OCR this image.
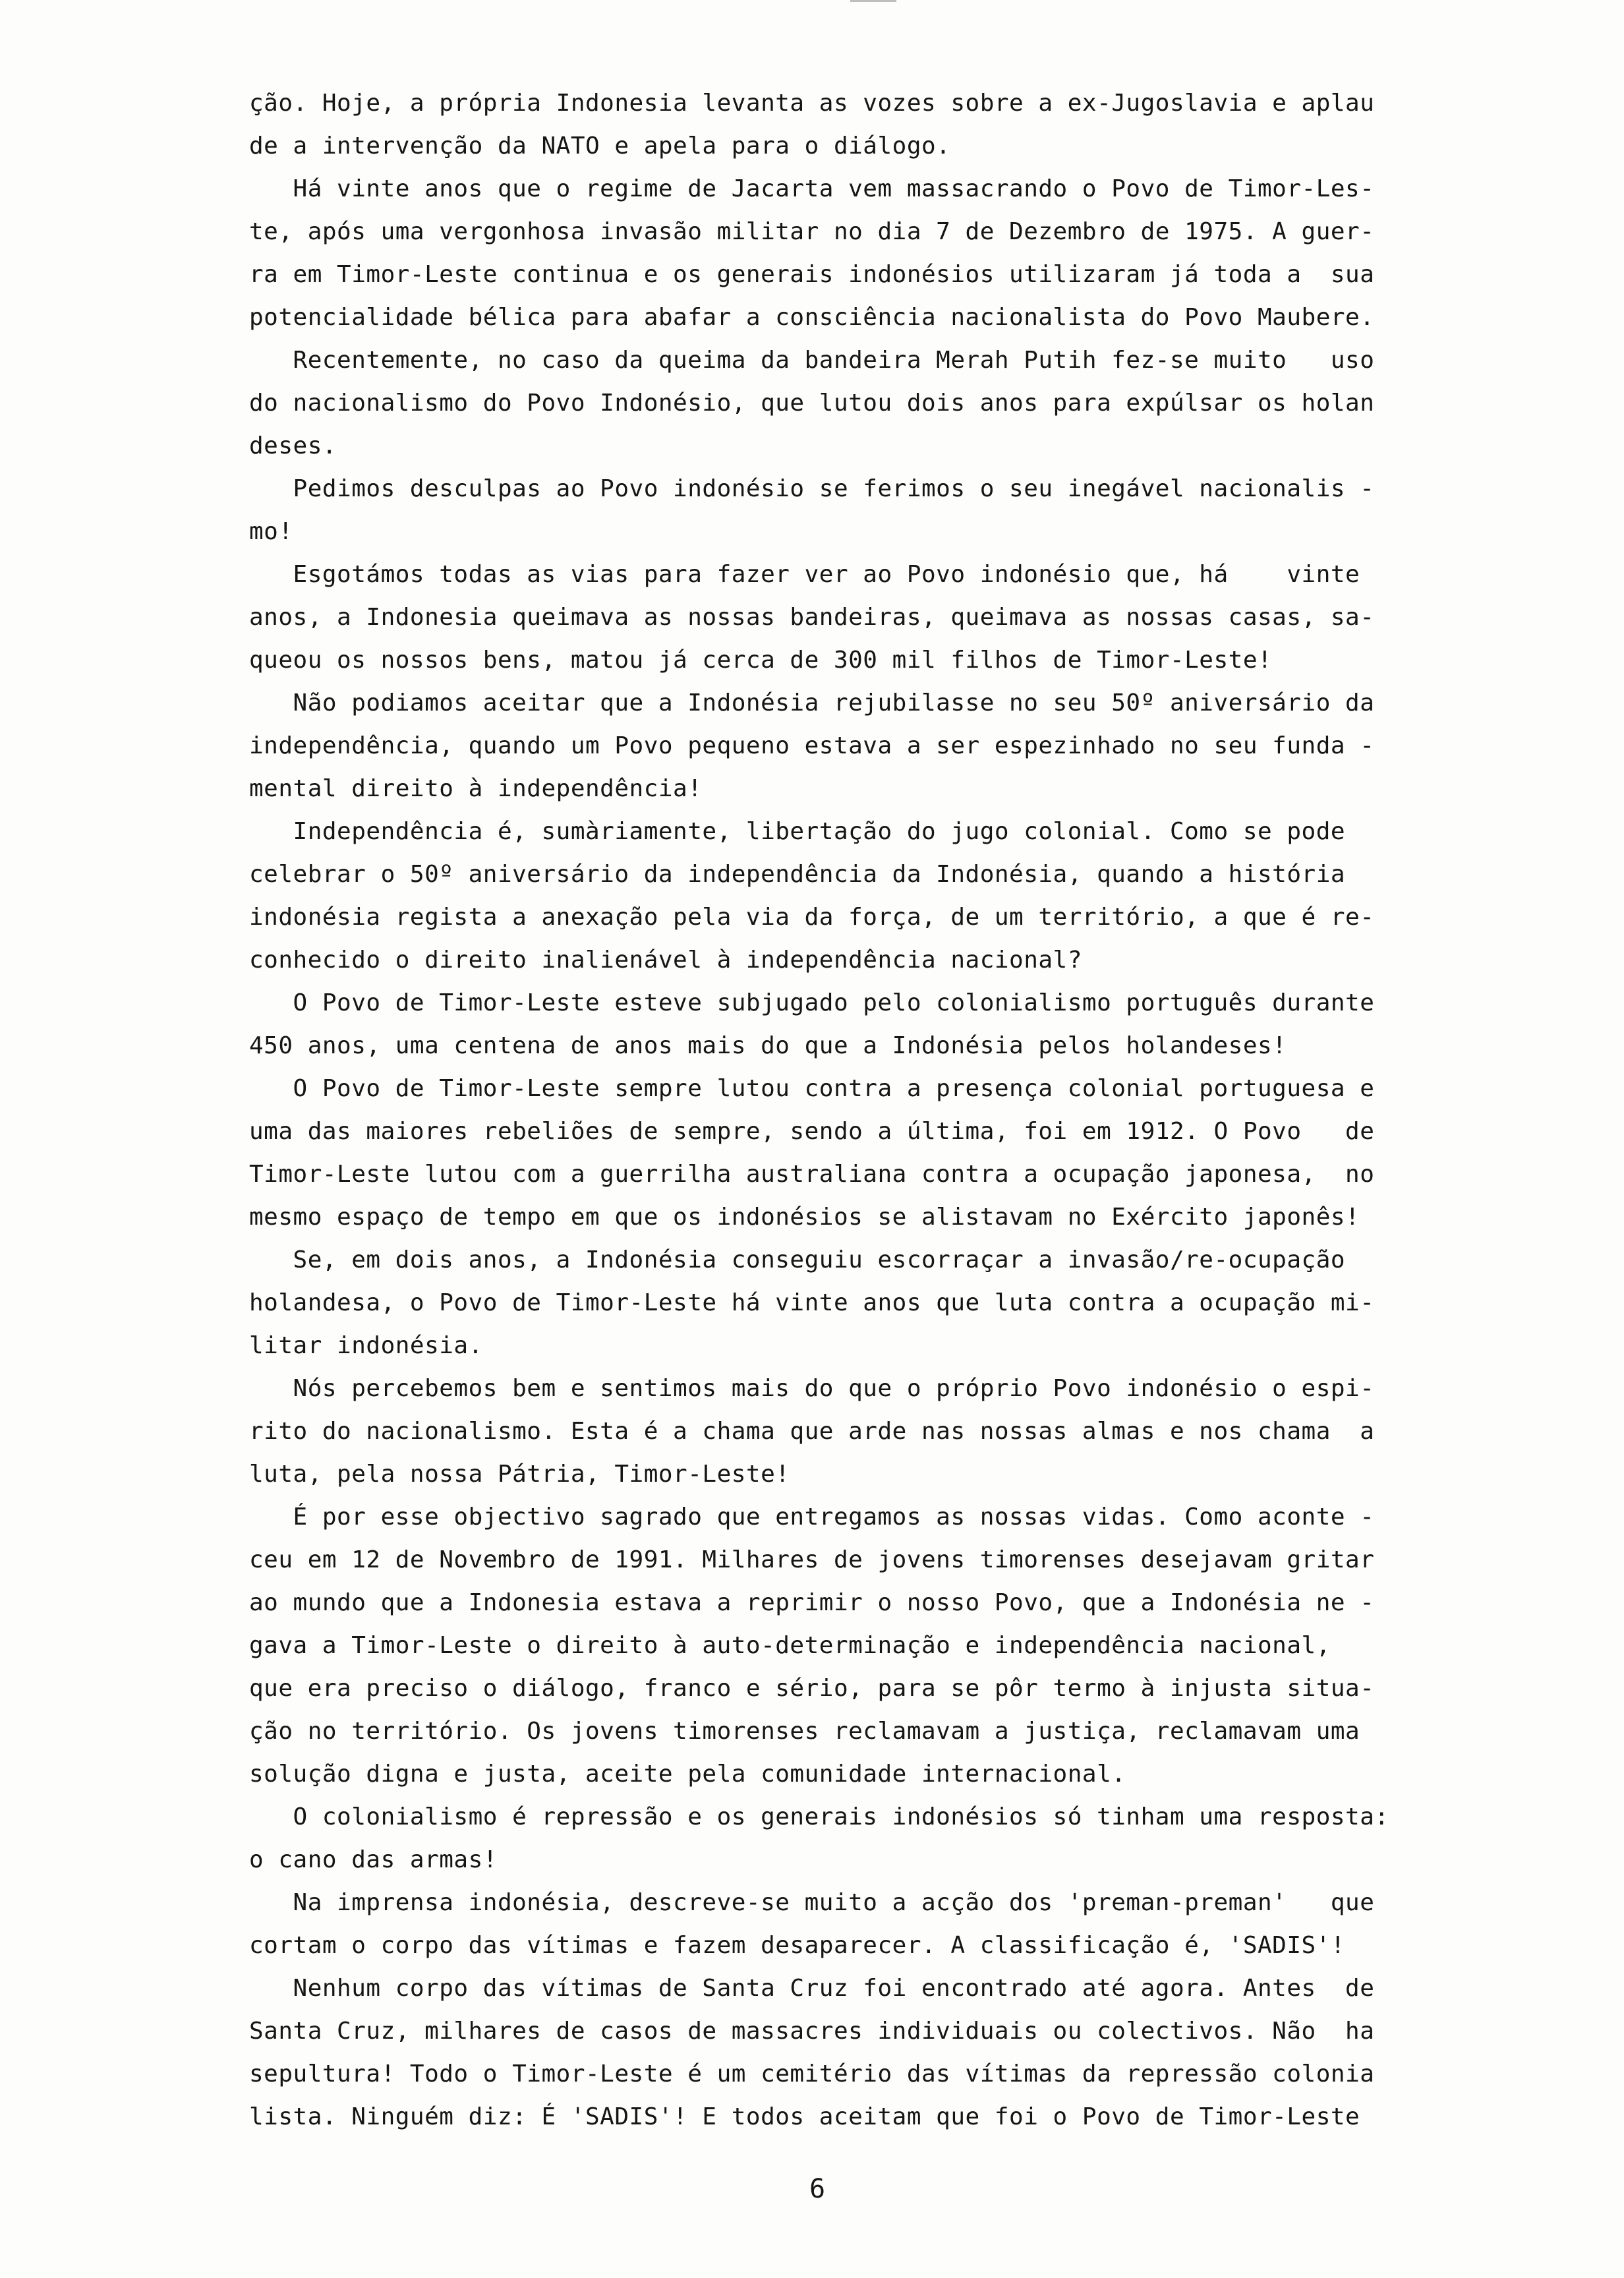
ção. Hoje, a própria Indonesia levanta as vozes sobre a ex-Jugoslavia e aplau
de a intervenção da NATO e apela para o diálogo.
Há vinte anos que o regime de Jacarta vem massacrando o Povo de Timor-Les-
te, após uma vergonhosa invasão militar no dia 7 de Dezembro de 1975. A guer-
ra em Timor-Leste continua e os generais indonésios utilizaram já toda a  sua
potencialidade bélica para abafar a consciência nacionalista do Povo Maubere.
Recentemente, no caso da queima da bandeira Merah Putih fez-se muito   uso
do nacionalismo do Povo Indonésio, que lutou dois anos para expúlsar os holan
deses.
Pedimos desculpas ao Povo indonésio se ferimos o seu inegável nacionalis -
mo!
Esgotámos todas as vias para fazer ver ao Povo indonésio que, há    vinte
anos, a Indonesia queimava as nossas bandeiras, queimava as nossas casas, sa-
queou os nossos bens, matou já cerca de 300 mil filhos de Timor-Leste!
Não podiamos aceitar que a Indonésia rejubilasse no seu 50º aniversário da
independência, quando um Povo pequeno estava a ser espezinhado no seu funda -
mental direito à independência!
Independência é, sumàriamente, libertação do jugo colonial. Como se pode
celebrar o 50º aniversário da independência da Indonésia, quando a história
indonésia regista a anexação pela via da força, de um território, a que é re-
conhecido o direito inalienável à independência nacional?
O Povo de Timor-Leste esteve subjugado pelo colonialismo português durante
450 anos, uma centena de anos mais do que a Indonésia pelos holandeses!
O Povo de Timor-Leste sempre lutou contra a presença colonial portuguesa e
uma das maiores rebeliões de sempre, sendo a última, foi em 1912. O Povo   de
Timor-Leste lutou com a guerrilha australiana contra a ocupação japonesa,  no
mesmo espaço de tempo em que os indonésios se alistavam no Exército japonês!
Se, em dois anos, a Indonésia conseguiu escorraçar a invasão/re-ocupação
holandesa, o Povo de Timor-Leste há vinte anos que luta contra a ocupação mi-
litar indonésia.
Nós percebemos bem e sentimos mais do que o próprio Povo indonésio o espi-
rito do nacionalismo. Esta é a chama que arde nas nossas almas e nos chama  a
luta, pela nossa Pátria, Timor-Leste!
É por esse objectivo sagrado que entregamos as nossas vidas. Como aconte -
ceu em 12 de Novembro de 1991. Milhares de jovens timorenses desejavam gritar
ao mundo que a Indonesia estava a reprimir o nosso Povo, que a Indonésia ne -
gava a Timor-Leste o direito à auto-determinação e independência nacional,
que era preciso o diálogo, franco e sério, para se pôr termo à injusta situa-
ção no território. Os jovens timorenses reclamavam a justiça, reclamavam uma
solução digna e justa, aceite pela comunidade internacional.
O colonialismo é repressão e os generais indonésios só tinham uma resposta:
o cano das armas!
Na imprensa indonésia, descreve-se muito a acção dos 'preman-preman'   que
cortam o corpo das vítimas e fazem desaparecer. A classificação é, 'SADIS'!
Nenhum corpo das vítimas de Santa Cruz foi encontrado até agora. Antes  de
Santa Cruz, milhares de casos de massacres individuais ou colectivos. Não  ha
sepultura! Todo o Timor-Leste é um cemitério das vítimas da repressão colonia
lista. Ninguém diz: É 'SADIS'! E todos aceitam que foi o Povo de Timor-Leste
6
